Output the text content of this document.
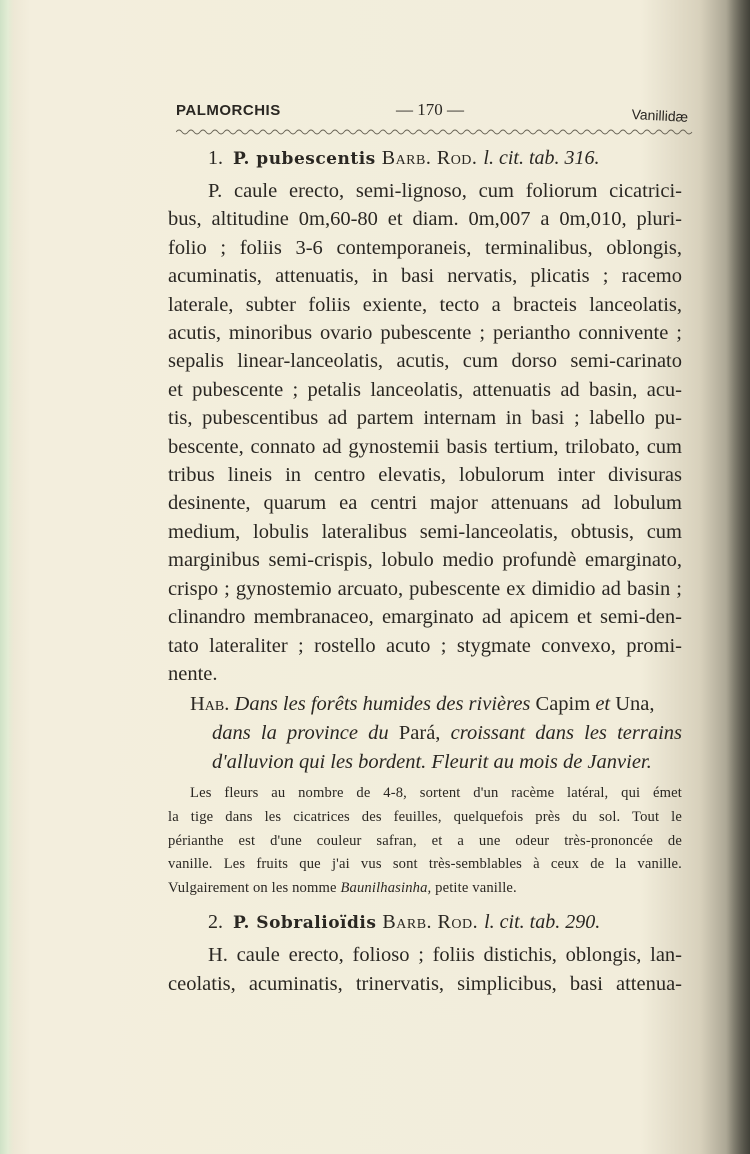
PALMORCHIS	— 170 —	Vanillidæ
1. P. pubescentis Barb. Rod. l. cit. tab. 316.
P. caule erecto, semi-lignoso, cum foliorum cicatrici-
bus, altitudine 0m,60-80 et diam. 0m,007 a 0m,010, pluri-
folio ; foliis 3-6 contemporaneis, terminalibus, oblongis,
acuminatis, attenuatis, in basi nervatis, plicatis ; racemo
laterale, subter foliis exiente, tecto a bracteis lanceolatis,
acutis, minoribus ovario pubescente ; periantho connivente ;
sepalis linear-lanceolatis, acutis, cum dorso semi-carinato
et pubescente ; petalis lanceolatis, attenuatis ad basin, acu-
tis, pubescentibus ad partem internam in basi ; labello pu-
bescente, connato ad gynostemii basis tertium, trilobato, cum
tribus lineis in centro elevatis, lobulorum inter divisuras
desinente, quarum ea centri major attenuans ad lobulum
medium, lobulis lateralibus semi-lanceolatis, obtusis, cum
marginibus semi-crispis, lobulo medio profundè emarginato,
crispo ; gynostemio arcuato, pubescente ex dimidio ad basin ;
clinandro membranaceo, emarginato ad apicem et semi-den-
tato lateraliter ; rostello acuto ; stygmate convexo, promi-
nente.
Hab. Dans les forêts humides des rivières Capim et Una,
dans la province du Pará, croissant dans les terrains
d'alluvion qui les bordent. Fleurit au mois de Janvier.
Les fleurs au nombre de 4-8, sortent d'un racème latéral, qui émet
la tige dans les cicatrices des feuilles, quelquefois près du sol. Tout le
périanthe est d'une couleur safran, et a une odeur très-prononcée de
vanille. Les fruits que j'ai vus sont très-semblables à ceux de la vanille.
Vulgairement on les nomme Baunilhasinha, petite vanille.
2. P. Sobralioïdis Barb. Rod. l. cit. tab. 290.
H. caule erecto, folioso ; foliis distichis, oblongis, lan-
ceolatis, acuminatis, trinervatis, simplicibus, basi attenua-
